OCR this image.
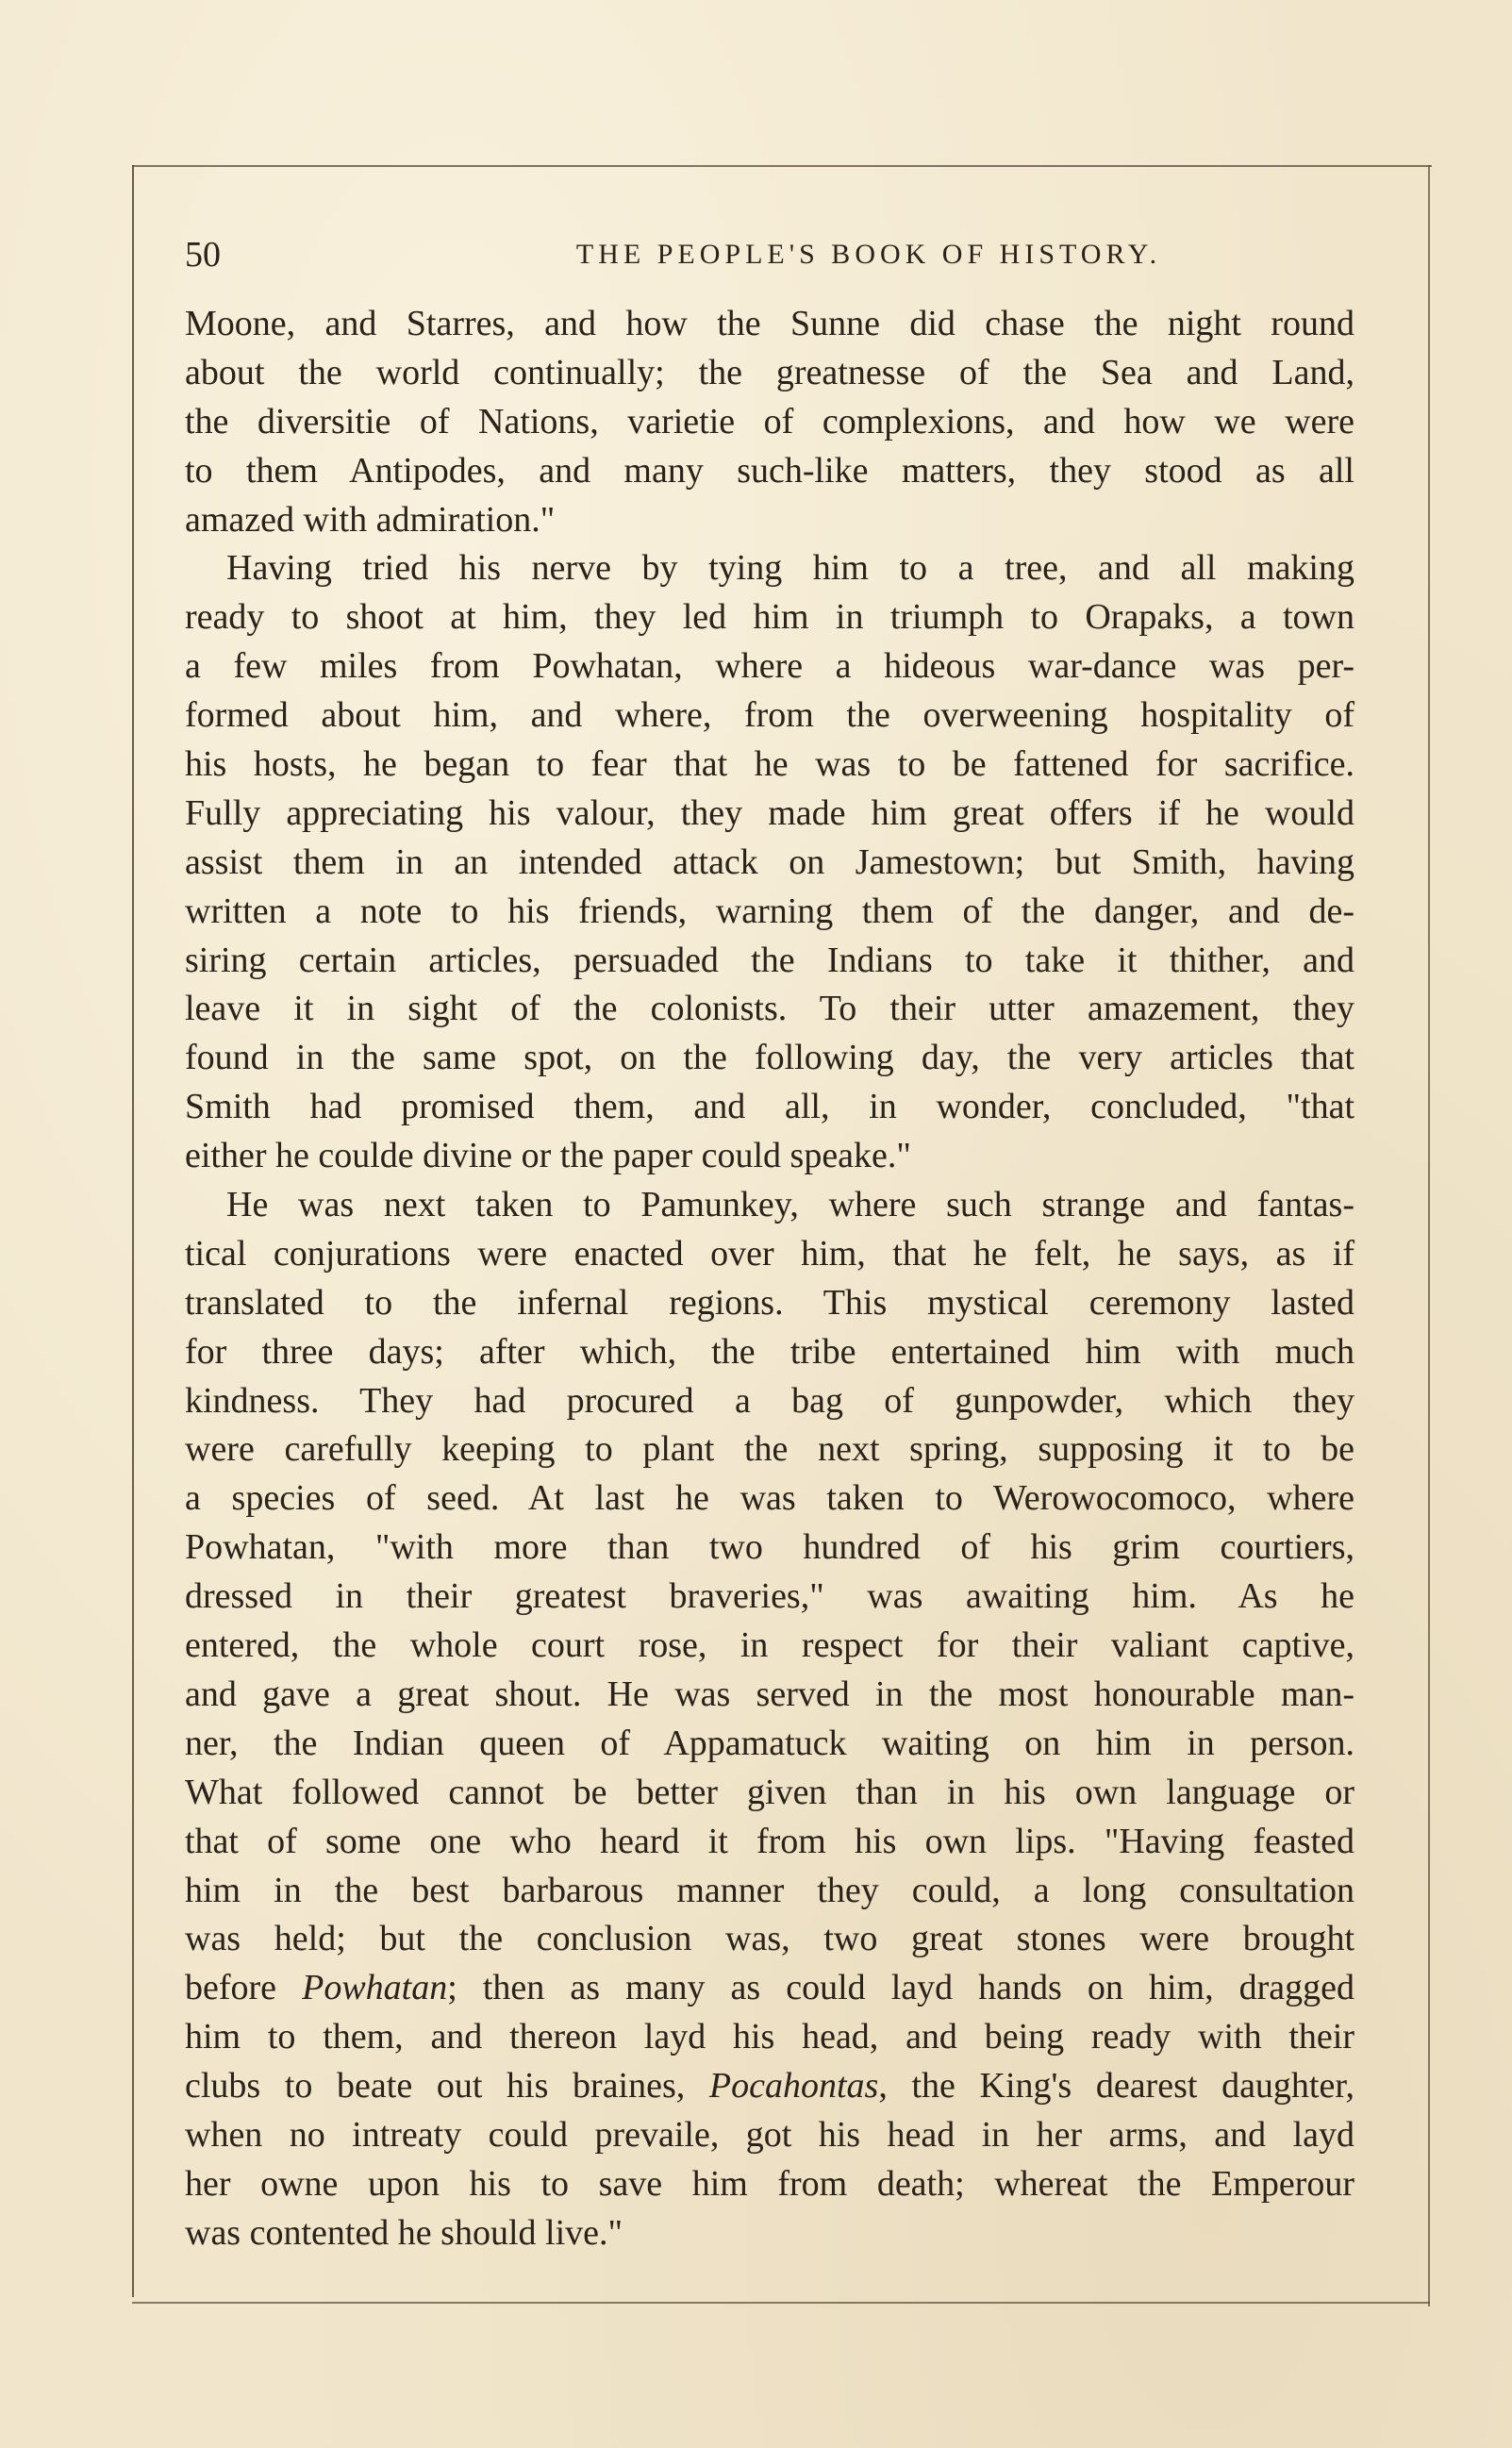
50	THE PEOPLE'S BOOK OF HISTORY.
Moone, and Starres, and how the Sunne did chase the night round
about the world continually; the greatnesse of the Sea and Land,
the diversitie of Nations, varietie of complexions, and how we were
to them Antipodes, and many such-like matters, they stood as all
amazed with admiration."
Having tried his nerve by tying him to a tree, and all making
ready to shoot at him, they led him in triumph to Orapaks, a town
a few miles from Powhatan, where a hideous war-dance was per-
formed about him, and where, from the overweening hospitality of
his hosts, he began to fear that he was to be fattened for sacrifice.
Fully appreciating his valour, they made him great offers if he would
assist them in an intended attack on Jamestown; but Smith, having
written a note to his friends, warning them of the danger, and de-
siring certain articles, persuaded the Indians to take it thither, and
leave it in sight of the colonists. To their utter amazement, they
found in the same spot, on the following day, the very articles that
Smith had promised them, and all, in wonder, concluded, "that
either he coulde divine or the paper could speake."
He was next taken to Pamunkey, where such strange and fantas-
tical conjurations were enacted over him, that he felt, he says, as if
translated to the infernal regions. This mystical ceremony lasted
for three days; after which, the tribe entertained him with much
kindness. They had procured a bag of gunpowder, which they
were carefully keeping to plant the next spring, supposing it to be
a species of seed. At last he was taken to Werowocomoco, where
Powhatan, "with more than two hundred of his grim courtiers,
dressed in their greatest braveries," was awaiting him. As he
entered, the whole court rose, in respect for their valiant captive,
and gave a great shout. He was served in the most honourable man-
ner, the Indian queen of Appamatuck waiting on him in person.
What followed cannot be better given than in his own language or
that of some one who heard it from his own lips. "Having feasted
him in the best barbarous manner they could, a long consultation
was held; but the conclusion was, two great stones were brought
before Powhatan; then as many as could layd hands on him, dragged
him to them, and thereon layd his head, and being ready with their
clubs to beate out his braines, Pocahontas, the King's dearest daughter,
when no intreaty could prevaile, got his head in her arms, and layd
her owne upon his to save him from death; whereat the Emperour
was contented he should live."
